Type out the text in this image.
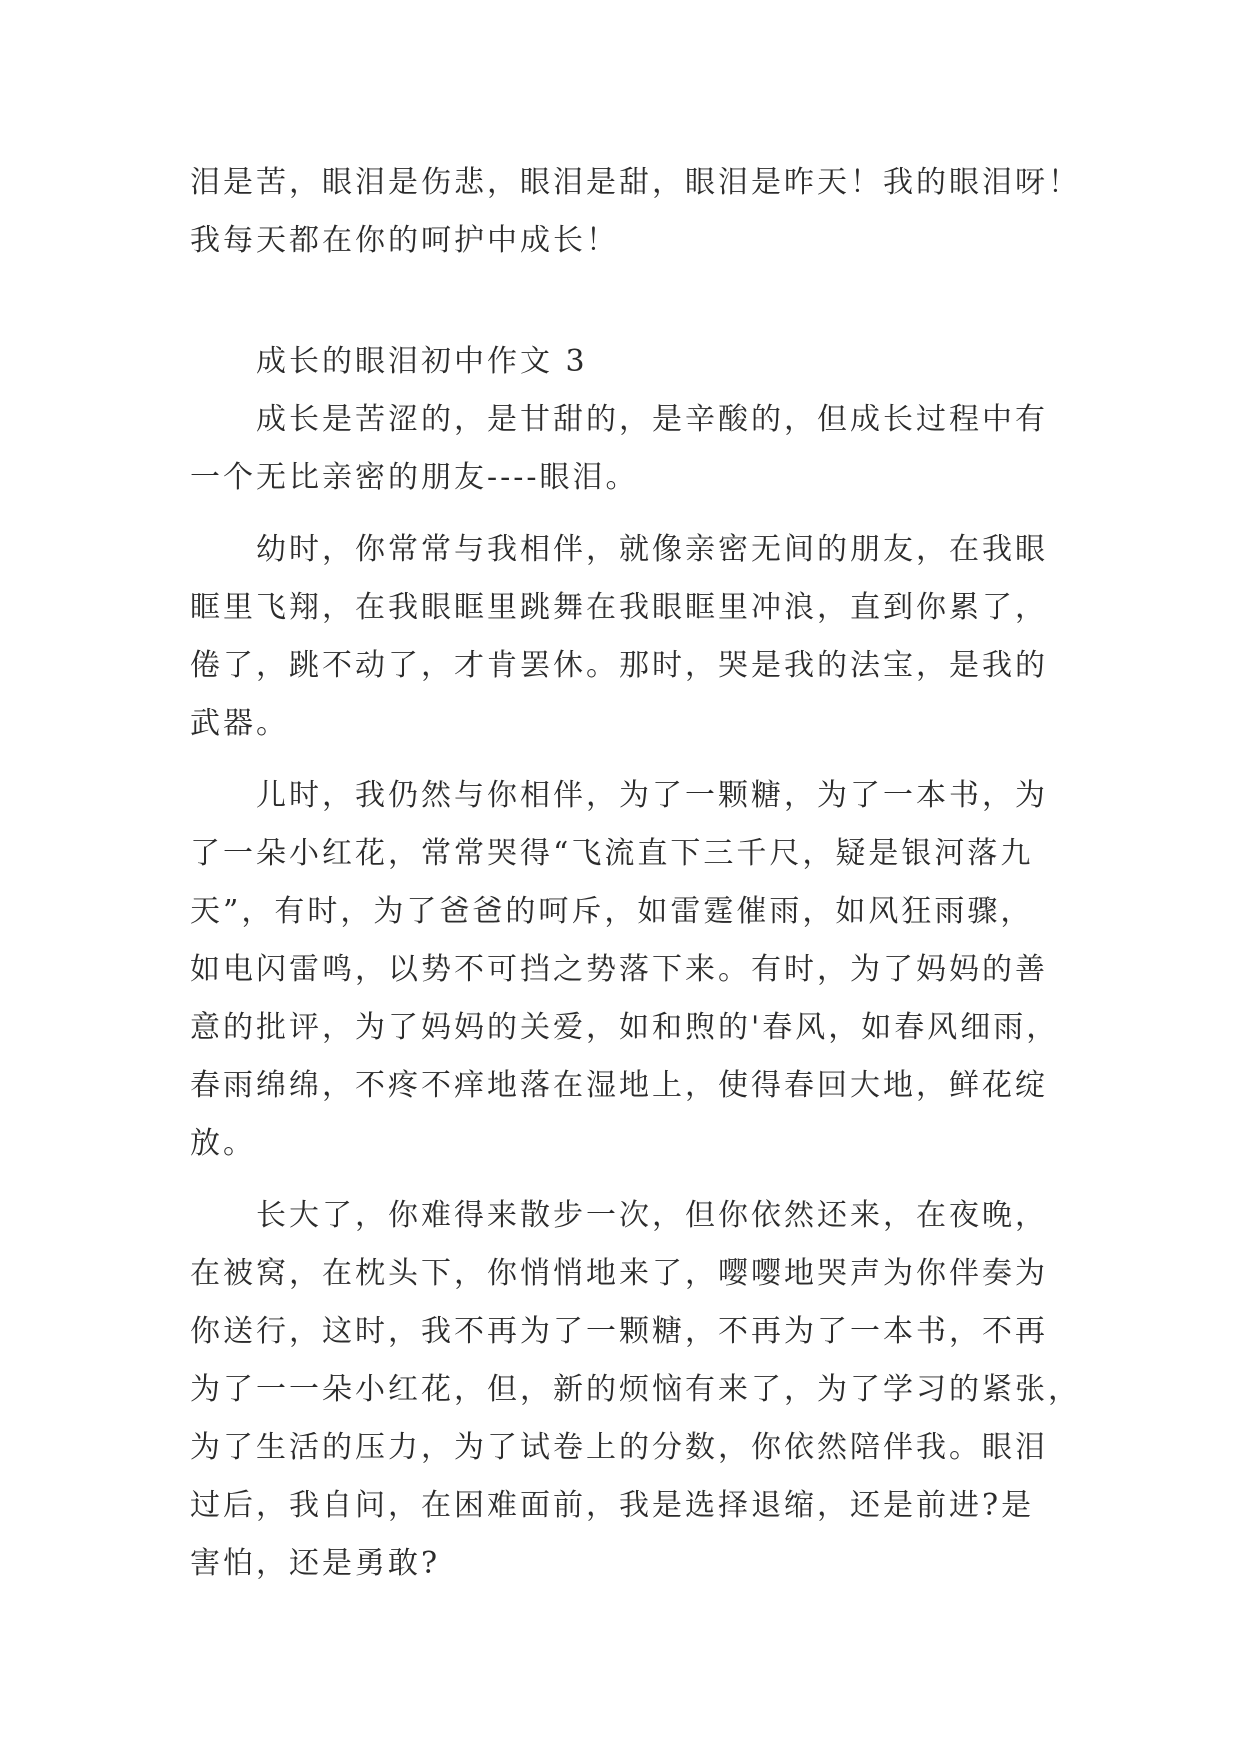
泪是苦，眼泪是伤悲，眼泪是甜，眼泪是昨天！我的眼泪呀！
我每天都在你的呵护中成长！
成长的眼泪初中作文 3
成长是苦涩的，是甘甜的，是辛酸的，但成长过程中有
一个无比亲密的朋友----眼泪。
幼时，你常常与我相伴，就像亲密无间的朋友，在我眼
眶里飞翔，在我眼眶里跳舞在我眼眶里冲浪，直到你累了，
倦了，跳不动了，才肯罢休。那时，哭是我的法宝，是我的
武器。
儿时，我仍然与你相伴，为了一颗糖，为了一本书，为
了一朵小红花，常常哭得“飞流直下三千尺，疑是银河落九
天”，有时，为了爸爸的呵斥，如雷霆催雨，如风狂雨骤，
如电闪雷鸣，以势不可挡之势落下来。有时，为了妈妈的善
意的批评，为了妈妈的关爱，如和煦的'春风，如春风细雨，
春雨绵绵，不疼不痒地落在湿地上，使得春回大地，鲜花绽
放。
长大了，你难得来散步一次，但你依然还来，在夜晚，
在被窝，在枕头下，你悄悄地来了，嘤嘤地哭声为你伴奏为
你送行，这时，我不再为了一颗糖，不再为了一本书，不再
为了一一朵小红花，但，新的烦恼有来了，为了学习的紧张，
为了生活的压力，为了试卷上的分数，你依然陪伴我。眼泪
过后，我自问，在困难面前，我是选择退缩，还是前进?是
害怕，还是勇敢?
